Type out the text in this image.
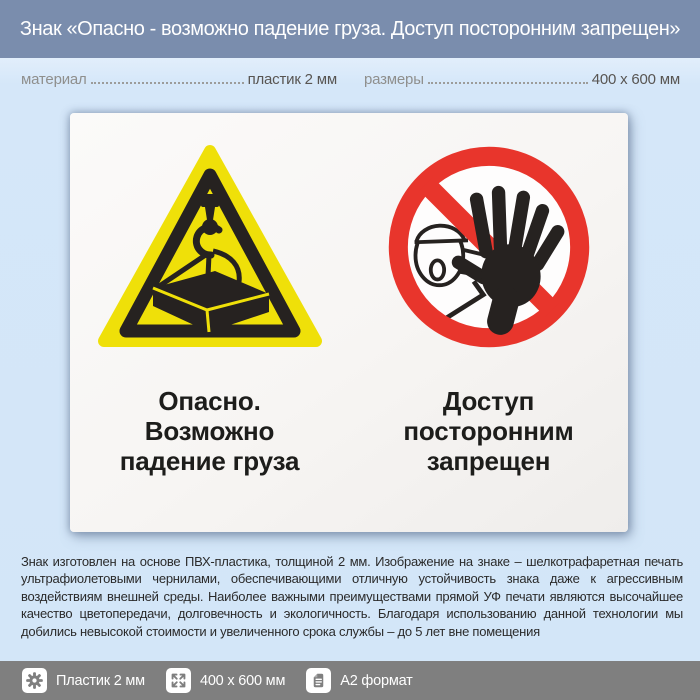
Знак «Опасно - возможно падение груза. Доступ посторонним запрещен»
материал	пластик 2 мм размеры	400 x 600 мм
Опасно.
Возможно
падение груза
Доступ
посторонним
запрещен

Знак изготовлен на основе ПВХ-пластика, толщиной 2 мм. Изображение на знаке – шелкотрафаретная печать ультрафиолетовыми чернилами, обеспечивающими отличную устойчивость знака даже к агрессивным воздействиям внешней среды. Наиболее важными преимуществами прямой УФ печати являются высочайшее качество цветопередачи, долговечность и экологичность. Благодаря использованию данной технологии мы добились невысокой стоимости и увеличенного срока службы – до 5 лет вне помещения

Пластик 2 мм	400 x 600 мм	А2 формат
